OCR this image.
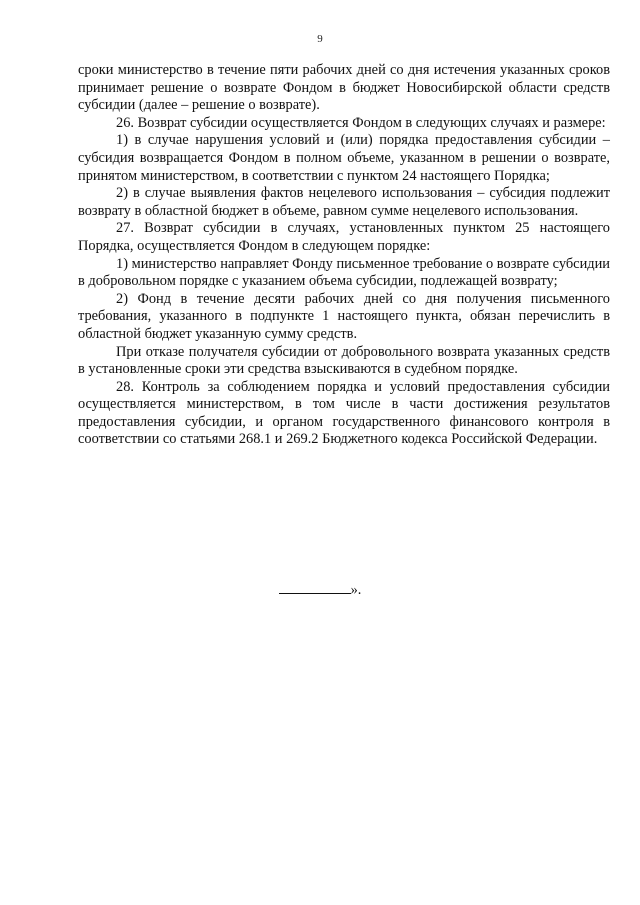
9

сроки министерство в течение пяти рабочих дней со дня истечения указанных сроков принимает решение о возврате Фондом в бюджет Новосибирской области средств субсидии (далее – решение о возврате).

26. Возврат субсидии осуществляется Фондом в следующих случаях и размере:

1) в случае нарушения условий и (или) порядка предоставления субсидии – субсидия возвращается Фондом в полном объеме, указанном в решении о возврате, принятом министерством, в соответствии с пунктом 24 настоящего Порядка;

2) в случае выявления фактов нецелевого использования – субсидия подлежит возврату в областной бюджет в объеме, равном сумме нецелевого использования.

27. Возврат субсидии в случаях, установленных пунктом 25 настоящего Порядка, осуществляется Фондом в следующем порядке:

1) министерство направляет Фонду письменное требование о возврате субсидии в добровольном порядке с указанием объема субсидии, подлежащей возврату;

2) Фонд в течение десяти рабочих дней со дня получения письменного требования, указанного в подпункте 1 настоящего пункта, обязан перечислить в областной бюджет указанную сумму средств.

При отказе получателя субсидии от добровольного возврата указанных средств в установленные сроки эти средства взыскиваются в судебном порядке.

28. Контроль за соблюдением порядка и условий предоставления субсидии осуществляется министерством, в том числе в части достижения результатов предоставления субсидии, и органом государственного финансового контроля в соответствии со статьями 268.1 и 269.2 Бюджетного кодекса Российской Федерации.

».
